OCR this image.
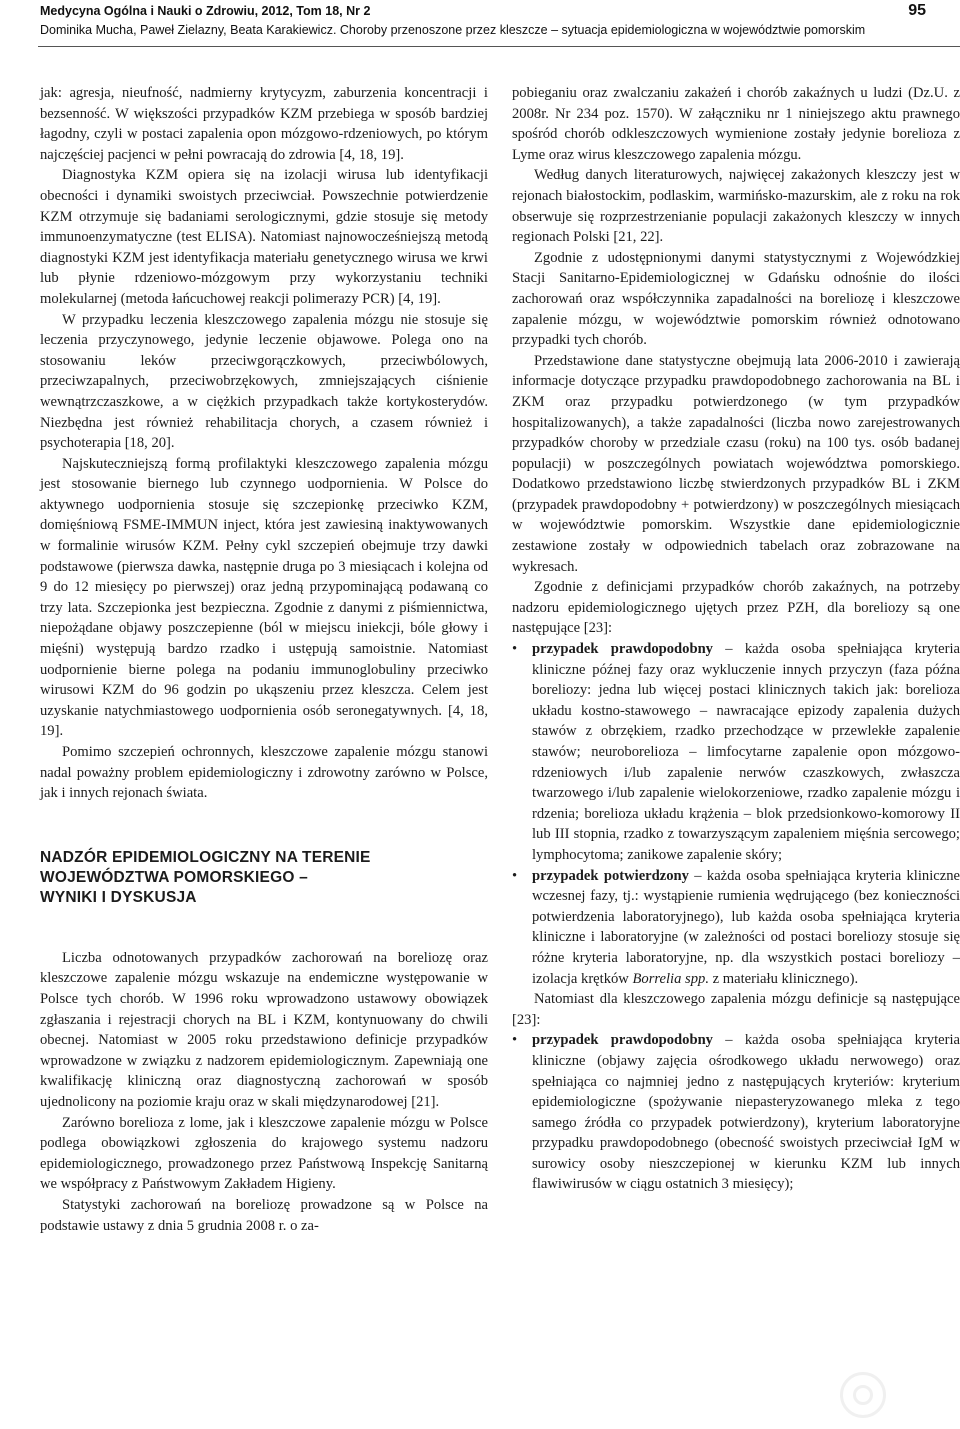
Medycyna Ogólna i Nauki o Zdrowiu, 2012, Tom 18, Nr 2
Dominika Mucha, Paweł Zielazny, Beata Karakiewicz. Choroby przenoszone przez kleszcze – sytuacja epidemiologiczna w województwie pomorskim
95

jak: agresja, nieufność, nadmierny krytycyzm, zaburzenia koncentracji i bezsenność. W większości przypadków KZM przebiega w sposób bardziej łagodny, czyli w postaci zapalenia opon mózgowo-rdzeniowych, po którym najczęściej pacjenci w pełni powracają do zdrowia [4, 18, 19].

Diagnostyka KZM opiera się na izolacji wirusa lub identyfikacji obecności i dynamiki swoistych przeciwciał. Powszechnie potwierdzenie KZM otrzymuje się badaniami serologicznymi, gdzie stosuje się metody immunoenzymatyczne (test ELISA). Natomiast najnowocześniejszą metodą diagnostyki KZM jest identyfikacja materiału genetycznego wirusa we krwi lub płynie rdzeniowo-mózgowym przy wykorzystaniu techniki molekularnej (metoda łańcuchowej reakcji polimerazy PCR) [4, 19].

W przypadku leczenia kleszczowego zapalenia mózgu nie stosuje się leczenia przyczynowego, jedynie leczenie objawowe. Polega ono na stosowaniu leków przeciwgorączkowych, przeciwbólowych, przeciwzapalnych, przeciwobrzękowych, zmniejszających ciśnienie wewnątrzczaszkowe, a w ciężkich przypadkach także kortykosterydów. Niezbędna jest również rehabilitacja chorych, a czasem również i psychoterapia [18, 20].

Najskuteczniejszą formą profilaktyki kleszczowego zapalenia mózgu jest stosowanie biernego lub czynnego uodpornienia. W Polsce do aktywnego uodpornienia stosuje się szczepionkę przeciwko KZM, domięśniową FSME-IMMUN inject, która jest zawiesiną inaktywowanych w formalinie wirusów KZM. Pełny cykl szczepień obejmuje trzy dawki podstawowe (pierwsza dawka, następnie druga po 3 miesiącach i kolejna od 9 do 12 miesięcy po pierwszej) oraz jedną przypominającą podawaną co trzy lata. Szczepionka jest bezpieczna. Zgodnie z danymi z piśmiennictwa, niepożądane objawy poszczepienne (ból w miejscu iniekcji, bóle głowy i mięśni) występują bardzo rzadko i ustępują samoistnie. Natomiast uodpornienie bierne polega na podaniu immunoglobuliny przeciwko wirusowi KZM do 96 godzin po ukąszeniu przez kleszcza. Celem jest uzyskanie natychmiastowego uodpornienia osób seronegatywnych. [4, 18, 19].

Pomimo szczepień ochronnych, kleszczowe zapalenie mózgu stanowi nadal poważny problem epidemiologiczny i zdrowotny zarówno w Polsce, jak i innych rejonach świata.

NADZÓR EPIDEMIOLOGICZNY NA TERENIE
WOJEWÓDZTWA POMORSKIEGO –
WYNIKI I DYSKUSJA

Liczba odnotowanych przypadków zachorowań na boreliozę oraz kleszczowe zapalenie mózgu wskazuje na endemiczne występowanie w Polsce tych chorób. W 1996 roku wprowadzono ustawowy obowiązek zgłaszania i rejestracji chorych na BL i KZM, kontynuowany do chwili obecnej. Natomiast w 2005 roku przedstawiono definicje przypadków wprowadzone w związku z nadzorem epidemiologicznym. Zapewniają one kwalifikację kliniczną oraz diagnostyczną zachorowań w sposób ujednolicony na poziomie kraju oraz w skali międzynarodowej [21].

Zarówno borelioza z lome, jak i kleszczowe zapalenie mózgu w Polsce podlega obowiązkowi zgłoszenia do krajowego systemu nadzoru epidemiologicznego, prowadzonego przez Państwową Inspekcję Sanitarną we współpracy z Państwowym Zakładem Higieny.

Statystyki zachorowań na boreliozę prowadzone są w Polsce na podstawie ustawy z dnia 5 grudnia 2008 r. o za-

pobieganiu oraz zwalczaniu zakażeń i chorób zakaźnych u ludzi (Dz.U. z 2008r. Nr 234 poz. 1570). W załączniku nr 1 niniejszego aktu prawnego spośród chorób odkleszczowych wymienione zostały jedynie borelioza z Lyme oraz wirus kleszczowego zapalenia mózgu.

Według danych literaturowych, najwięcej zakażonych kleszczy jest w rejonach białostockim, podlaskim, warmińsko-mazurskim, ale z roku na rok obserwuje się rozprzestrzenianie populacji zakażonych kleszczy w innych regionach Polski [21, 22].

Zgodnie z udostępnionymi danymi statystycznymi z Wojewódzkiej Stacji Sanitarno-Epidemiologicznej w Gdańsku odnośnie do ilości zachorowań oraz współczynnika zapadalności na boreliozę i kleszczowe zapalenie mózgu, w województwie pomorskim również odnotowano przypadki tych chorób.

Przedstawione dane statystyczne obejmują lata 2006-2010 i zawierają informacje dotyczące przypadku prawdopodobnego zachorowania na BL i ZKM oraz przypadku potwierdzonego (w tym przypadków hospitalizowanych), a także zapadalności (liczba nowo zarejestrowanych przypadków choroby w przedziale czasu (roku) na 100 tys. osób badanej populacji) w poszczególnych powiatach województwa pomorskiego. Dodatkowo przedstawiono liczbę stwierdzonych przypadków BL i ZKM (przypadek prawdopodobny + potwierdzony) w poszczególnych miesiącach w województwie pomorskim. Wszystkie dane epidemiologicznie zestawione zostały w odpowiednich tabelach oraz zobrazowane na wykresach.

Zgodnie z definicjami przypadków chorób zakaźnych, na potrzeby nadzoru epidemiologicznego ujętych przez PZH, dla boreliozy są one następujące [23]:

• przypadek prawdopodobny – każda osoba spełniająca kryteria kliniczne późnej fazy oraz wykluczenie innych przyczyn (faza późna boreliozy: jedna lub więcej postaci klinicznych takich jak: borelioza układu kostno-stawowego – nawracające epizody zapalenia dużych stawów z obrzękiem, rzadko przechodzące w przewlekłe zapalenie stawów; neuroborelioza – limfocytarne zapalenie opon mózgowo-rdzeniowych i/lub zapalenie nerwów czaszkowych, zwłaszcza twarzowego i/lub zapalenie wielokorzeniowe, rzadko zapalenie mózgu i rdzenia; borelioza układu krążenia – blok przedsionkowo-komorowy II lub III stopnia, rzadko z towarzyszącym zapaleniem mięśnia sercowego; lymphocytoma; zanikowe zapalenie skóry;
• przypadek potwierdzony – każda osoba spełniająca kryteria kliniczne wczesnej fazy, tj.: wystąpienie rumienia wędrującego (bez konieczności potwierdzenia laboratoryjnego), lub każda osoba spełniająca kryteria kliniczne i laboratoryjne (w zależności od postaci boreliozy stosuje się różne kryteria laboratoryjne, np. dla wszystkich postaci boreliozy – izolacja krętków Borrelia spp. z materiału klinicznego).

Natomiast dla kleszczowego zapalenia mózgu definicje są następujące [23]:

• przypadek prawdopodobny – każda osoba spełniająca kryteria kliniczne (objawy zajęcia ośrodkowego układu nerwowego) oraz spełniająca co najmniej jedno z następujących kryteriów: kryterium epidemiologiczne (spożywanie niepasteryzowanego mleka z tego samego źródła co przypadek potwierdzony), kryterium laboratoryjne przypadku prawdopodobnego (obecność swoistych przeciwciał IgM w surowicy osoby nieszczepionej w kierunku KZM lub innych flawiwirusów w ciągu ostatnich 3 miesięcy);
